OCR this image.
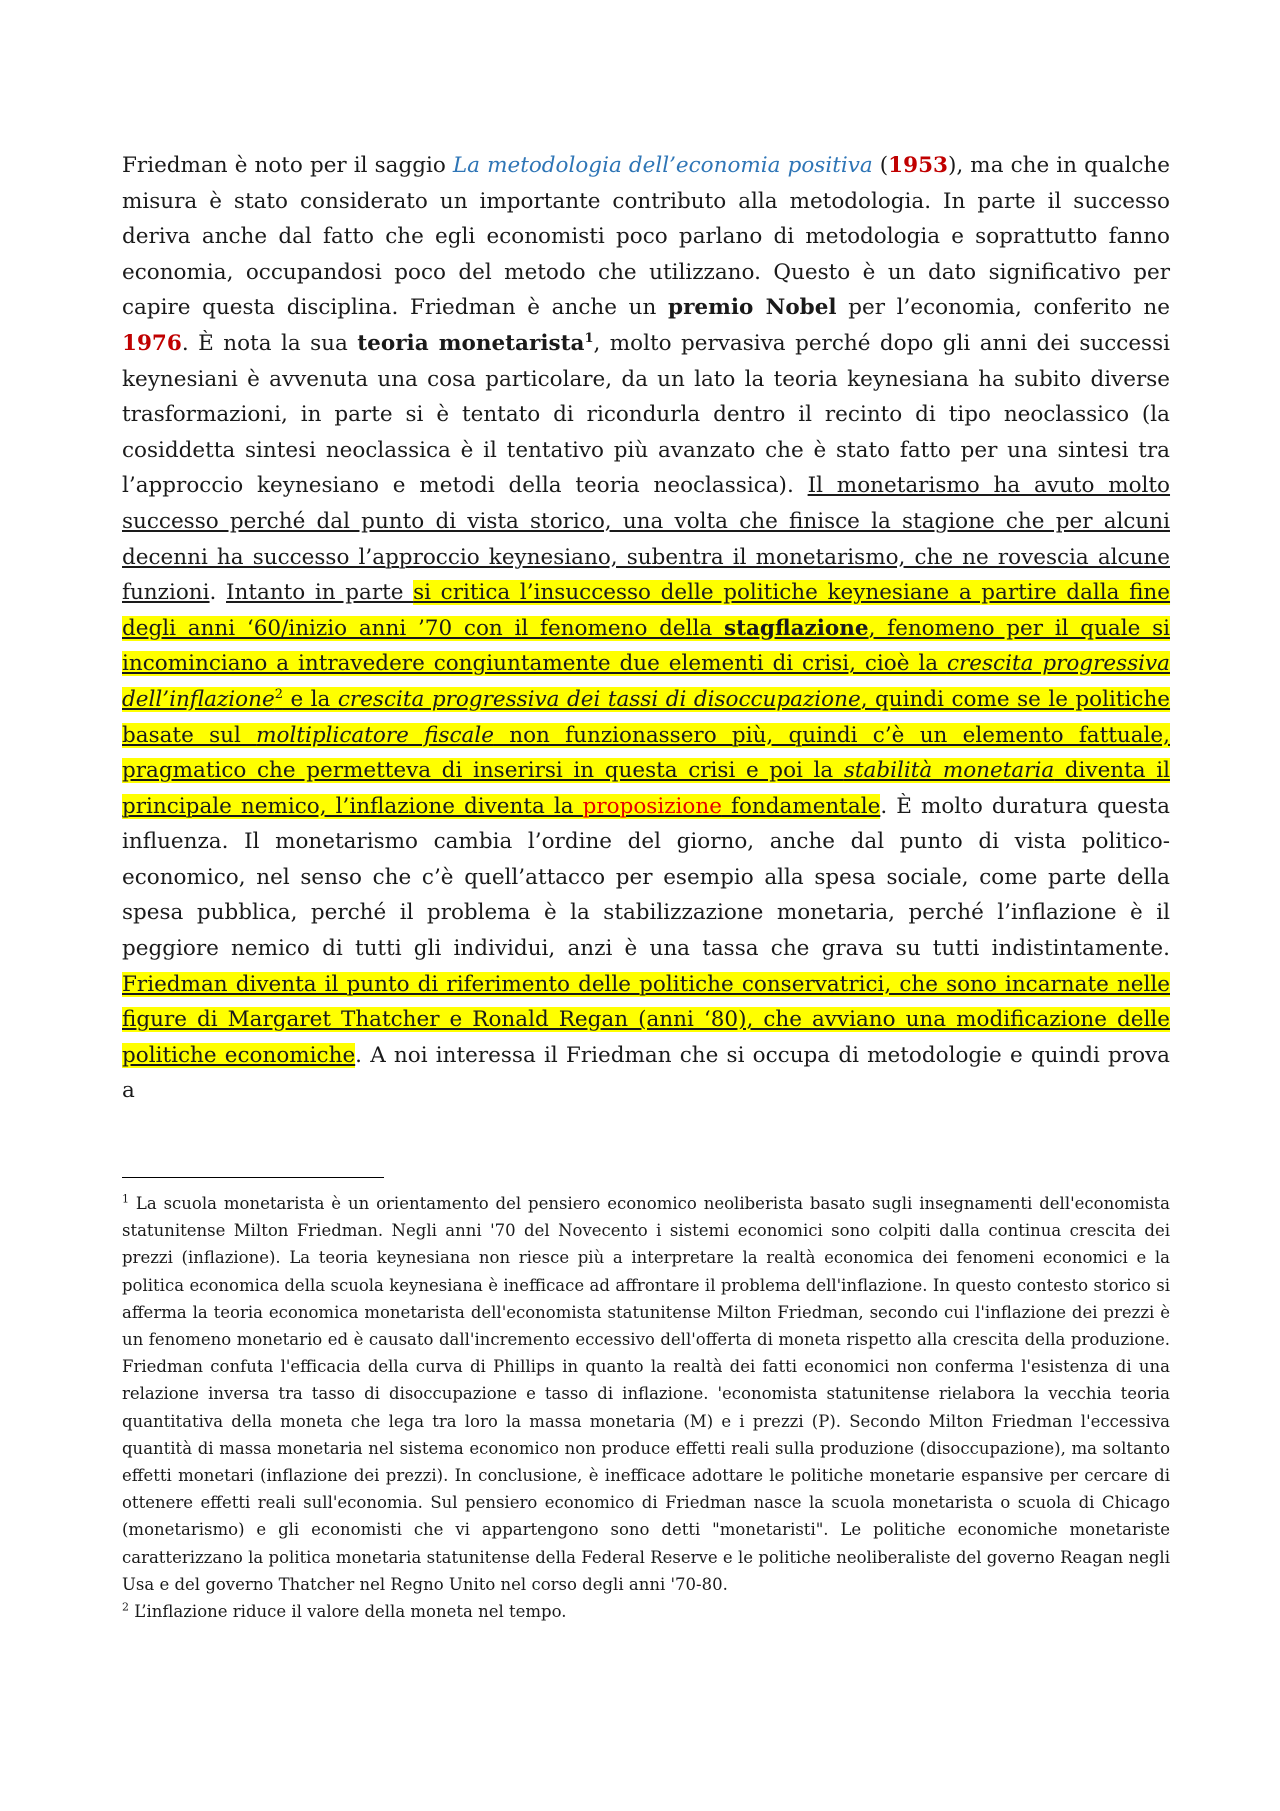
Friedman è noto per il saggio La metodologia dell’economia positiva (1953), ma che in qualche misura è stato considerato un importante contributo alla metodologia. In parte il successo deriva anche dal fatto che egli economisti poco parlano di metodologia e soprattutto fanno economia, occupandosi poco del metodo che utilizzano. Questo è un dato significativo per capire questa disciplina. Friedman è anche un premio Nobel per l’economia, conferito ne 1976. È nota la sua teoria monetarista$^1$, molto pervasiva perché dopo gli anni dei successi keynesiani è avvenuta una cosa particolare, da un lato la teoria keynesiana ha subito diverse trasformazioni, in parte si è tentato di ricondurla dentro il recinto di tipo neoclassico (la cosiddetta sintesi neoclassica è il tentativo più avanzato che è stato fatto per una sintesi tra l’approccio keynesiano e metodi della teoria neoclassica). Il monetarismo ha avuto molto successo perché dal punto di vista storico, una volta che finisce la stagione che per alcuni decenni ha successo l’approccio keynesiano, subentra il monetarismo, che ne rovescia alcune funzioni. Intanto in parte si critica l’insuccesso delle politiche keynesiane a partire dalla fine degli anni ‘60/inizio anni ’70 con il fenomeno della stagflazione, fenomeno per il quale si incominciano a intravedere congiuntamente due elementi di crisi, cioè la crescita progressiva dell’inflazione$^2$ e la crescita progressiva dei tassi di disoccupazione, quindi come se le politiche basate sul moltiplicatore fiscale non funzionassero più, quindi c’è un elemento fattuale, pragmatico che permetteva di inserirsi in questa crisi e poi la stabilità monetaria diventa il principale nemico, l’inflazione diventa la proposizione fondamentale. È molto duratura questa influenza. Il monetarismo cambia l’ordine del giorno, anche dal punto di vista politico-economico, nel senso che c’è quell’attacco per esempio alla spesa sociale, come parte della spesa pubblica, perché il problema è la stabilizzazione monetaria, perché l’inflazione è il peggiore nemico di tutti gli individui, anzi è una tassa che grava su tutti indistintamente. Friedman diventa il punto di riferimento delle politiche conservatrici, che sono incarnate nelle figure di Margaret Thatcher e Ronald Regan (anni ‘80), che avviano una modificazione delle politiche economiche. A noi interessa il Friedman che si occupa di metodologie e quindi prova a

$^1$ La scuola monetarista è un orientamento del pensiero economico neoliberista basato sugli insegnamenti dell'economista statunitense Milton Friedman. Negli anni '70 del Novecento i sistemi economici sono colpiti dalla continua crescita dei prezzi (inflazione). La teoria keynesiana non riesce più a interpretare la realtà economica dei fenomeni economici e la politica economica della scuola keynesiana è inefficace ad affrontare il problema dell'inflazione. In questo contesto storico si afferma la teoria economica monetarista dell'economista statunitense Milton Friedman, secondo cui l'inflazione dei prezzi è un fenomeno monetario ed è causato dall'incremento eccessivo dell'offerta di moneta rispetto alla crescita della produzione. Friedman confuta l'efficacia della curva di Phillips in quanto la realtà dei fatti economici non conferma l'esistenza di una relazione inversa tra tasso di disoccupazione e tasso di inflazione. 'economista statunitense rielabora la vecchia teoria quantitativa della moneta che lega tra loro la massa monetaria (M) e i prezzi (P). Secondo Milton Friedman l'eccessiva quantità di massa monetaria nel sistema economico non produce effetti reali sulla produzione (disoccupazione), ma soltanto effetti monetari (inflazione dei prezzi). In conclusione, è inefficace adottare le politiche monetarie espansive per cercare di ottenere effetti reali sull'economia. Sul pensiero economico di Friedman nasce la scuola monetarista o scuola di Chicago (monetarismo) e gli economisti che vi appartengono sono detti "monetaristi". Le politiche economiche monetariste caratterizzano la politica monetaria statunitense della Federal Reserve e le politiche neoliberaliste del governo Reagan negli Usa e del governo Thatcher nel Regno Unito nel corso degli anni '70-80.

$^2$ L’inflazione riduce il valore della moneta nel tempo.
